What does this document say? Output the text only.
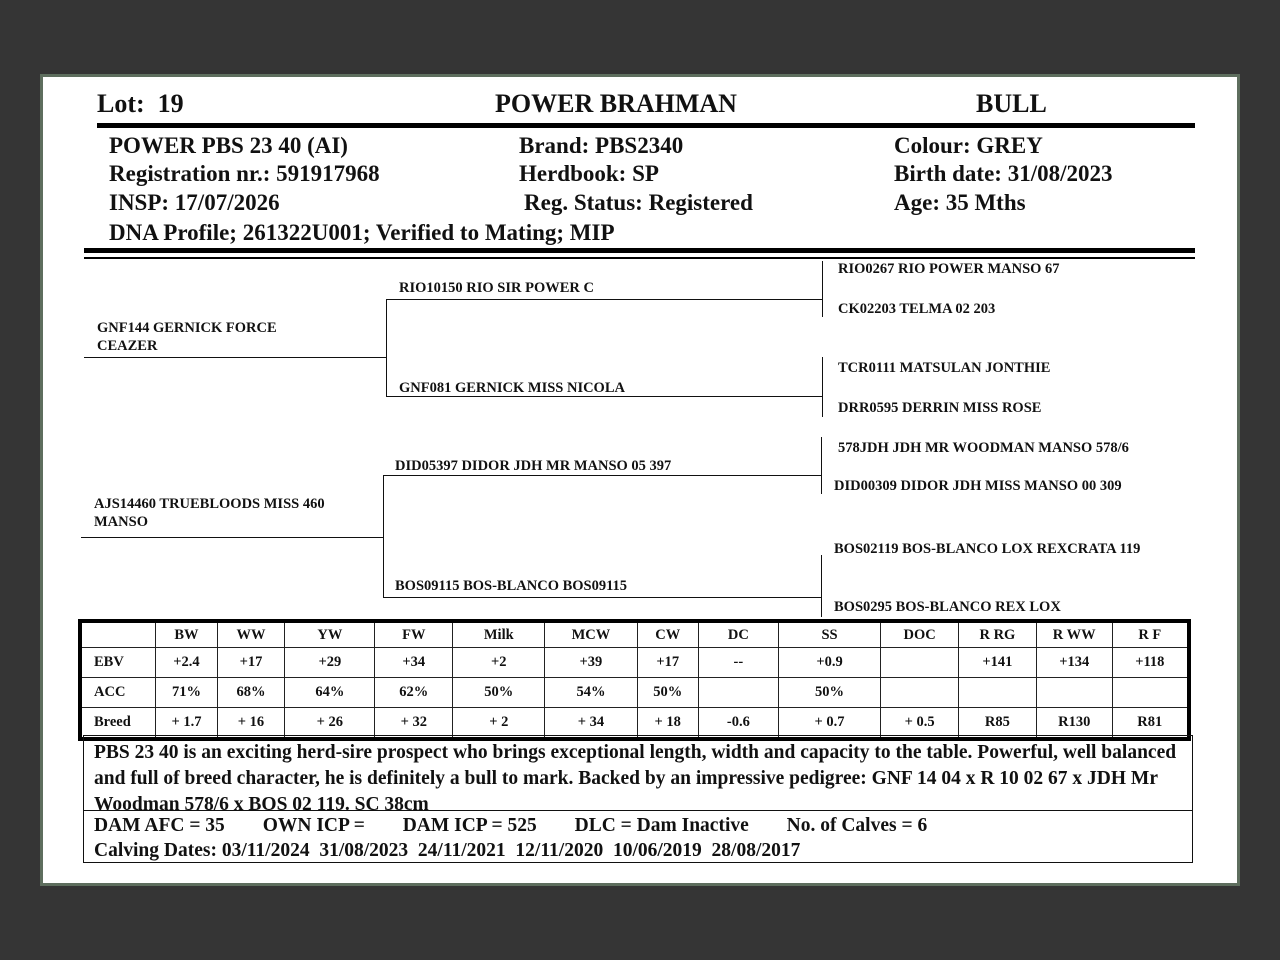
Lot: 19	POWER BRAHMAN	BULL
POWER PBS 23 40 (AI)	Brand: PBS2340	Colour: GREY
Registration nr.: 591917968	Herdbook: SP	Birth date: 31/08/2023
INSP: 17/07/2026	Reg. Status: Registered	Age: 35 Mths
DNA Profile; 261322U001; Verified to Mating; MIP
GNF144 GERNICK FORCE CEAZER
RIO10150 RIO SIR POWER C
GNF081 GERNICK MISS NICOLA
RIO0267 RIO POWER MANSO 67
CK02203 TELMA 02 203
TCR0111 MATSULAN JONTHIE
DRR0595 DERRIN MISS ROSE
AJS14460 TRUEBLOODS MISS 460 MANSO
DID05397 DIDOR JDH MR MANSO 05 397
BOS09115 BOS-BLANCO BOS09115
578JDH JDH MR WOODMAN MANSO 578/6
DID00309 DIDOR JDH MISS MANSO 00 309
BOS02119 BOS-BLANCO LOX REXCRATA 119
BOS0295 BOS-BLANCO REX LOX
	BW	WW	YW	FW	Milk	MCW	CW	DC	SS	DOC	R RG	R WW	R F
EBV	+2.4	+17	+29	+34	+2	+39	+17	--	+0.9		+141	+134	+118
ACC	71%	68%	64%	62%	50%	54%	50%		50%				
Breed	+ 1.7	+ 16	+ 26	+ 32	+ 2	+ 34	+ 18	-0.6	+ 0.7	+ 0.5	R85	R130	R81
PBS 23 40 is an exciting herd-sire prospect who brings exceptional length, width and capacity to the table. Powerful, well balanced and full of breed character, he is definitely a bull to mark. Backed by an impressive pedigree: GNF 14 04 x R 10 02 67 x JDH Mr Woodman 578/6 x BOS 02 119. SC 38cm
DAM AFC = 35 OWN ICP = DAM ICP = 525 DLC = Dam Inactive No. of Calves = 6
Calving Dates: 03/11/2024  31/08/2023  24/11/2021  12/11/2020  10/06/2019  28/08/2017
